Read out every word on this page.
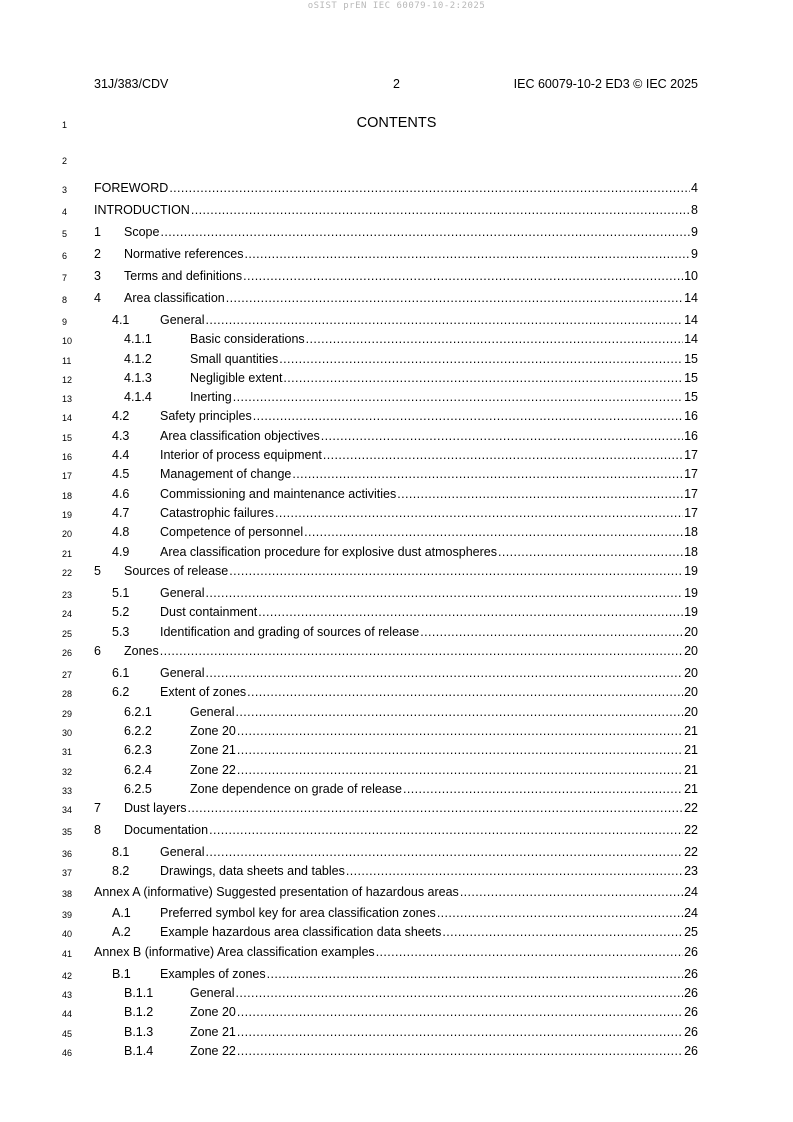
oSIST prEN IEC 60079-10-2:2025
31J/383/CDV	2	IEC 60079-10-2 ED3 © IEC 2025
1	CONTENTS
2
FOREWORD .....	4
INTRODUCTION .....	8
1	Scope .....	9
2	Normative references .....	9
3	Terms and definitions .....	10
4	Area classification .....	14
4.1	General .....	14
4.1.1	Basic considerations .....	14
4.1.2	Small quantities .....	15
4.1.3	Negligible extent .....	15
4.1.4	Inerting .....	15
4.2	Safety principles .....	16
4.3	Area classification objectives .....	16
4.4	Interior of process equipment .....	17
4.5	Management of change .....	17
4.6	Commissioning and maintenance activities .....	17
4.7	Catastrophic failures .....	17
4.8	Competence of personnel .....	18
4.9	Area classification procedure for explosive dust atmospheres .....	18
5	Sources of release .....	19
5.1	General .....	19
5.2	Dust containment .....	19
5.3	Identification and grading of sources of release .....	20
6	Zones .....	20
6.1	General .....	20
6.2	Extent of zones .....	20
6.2.1	General .....	20
6.2.2	Zone 20 .....	21
6.2.3	Zone 21 .....	21
6.2.4	Zone 22 .....	21
6.2.5	Zone dependence on grade of release .....	21
7	Dust layers .....	22
8	Documentation .....	22
8.1	General .....	22
8.2	Drawings, data sheets and tables .....	23
Annex A (informative) Suggested presentation of hazardous areas .....	24
A.1	Preferred symbol key for area classification zones .....	24
A.2	Example hazardous area classification data sheets .....	25
Annex B (informative) Area classification examples .....	26
B.1	Examples of zones .....	26
B.1.1	General .....	26
B.1.2	Zone 20 .....	26
B.1.3	Zone 21 .....	26
B.1.4	Zone 22 .....	26
3
4
5
6
7
8
9
10
11
12
13
14
15
16
17
18
19
20
21
22
23
24
25
26
27
28
29
30
31
32
33
34
35
36
37
38
39
40
41
42
43
44
45
46
